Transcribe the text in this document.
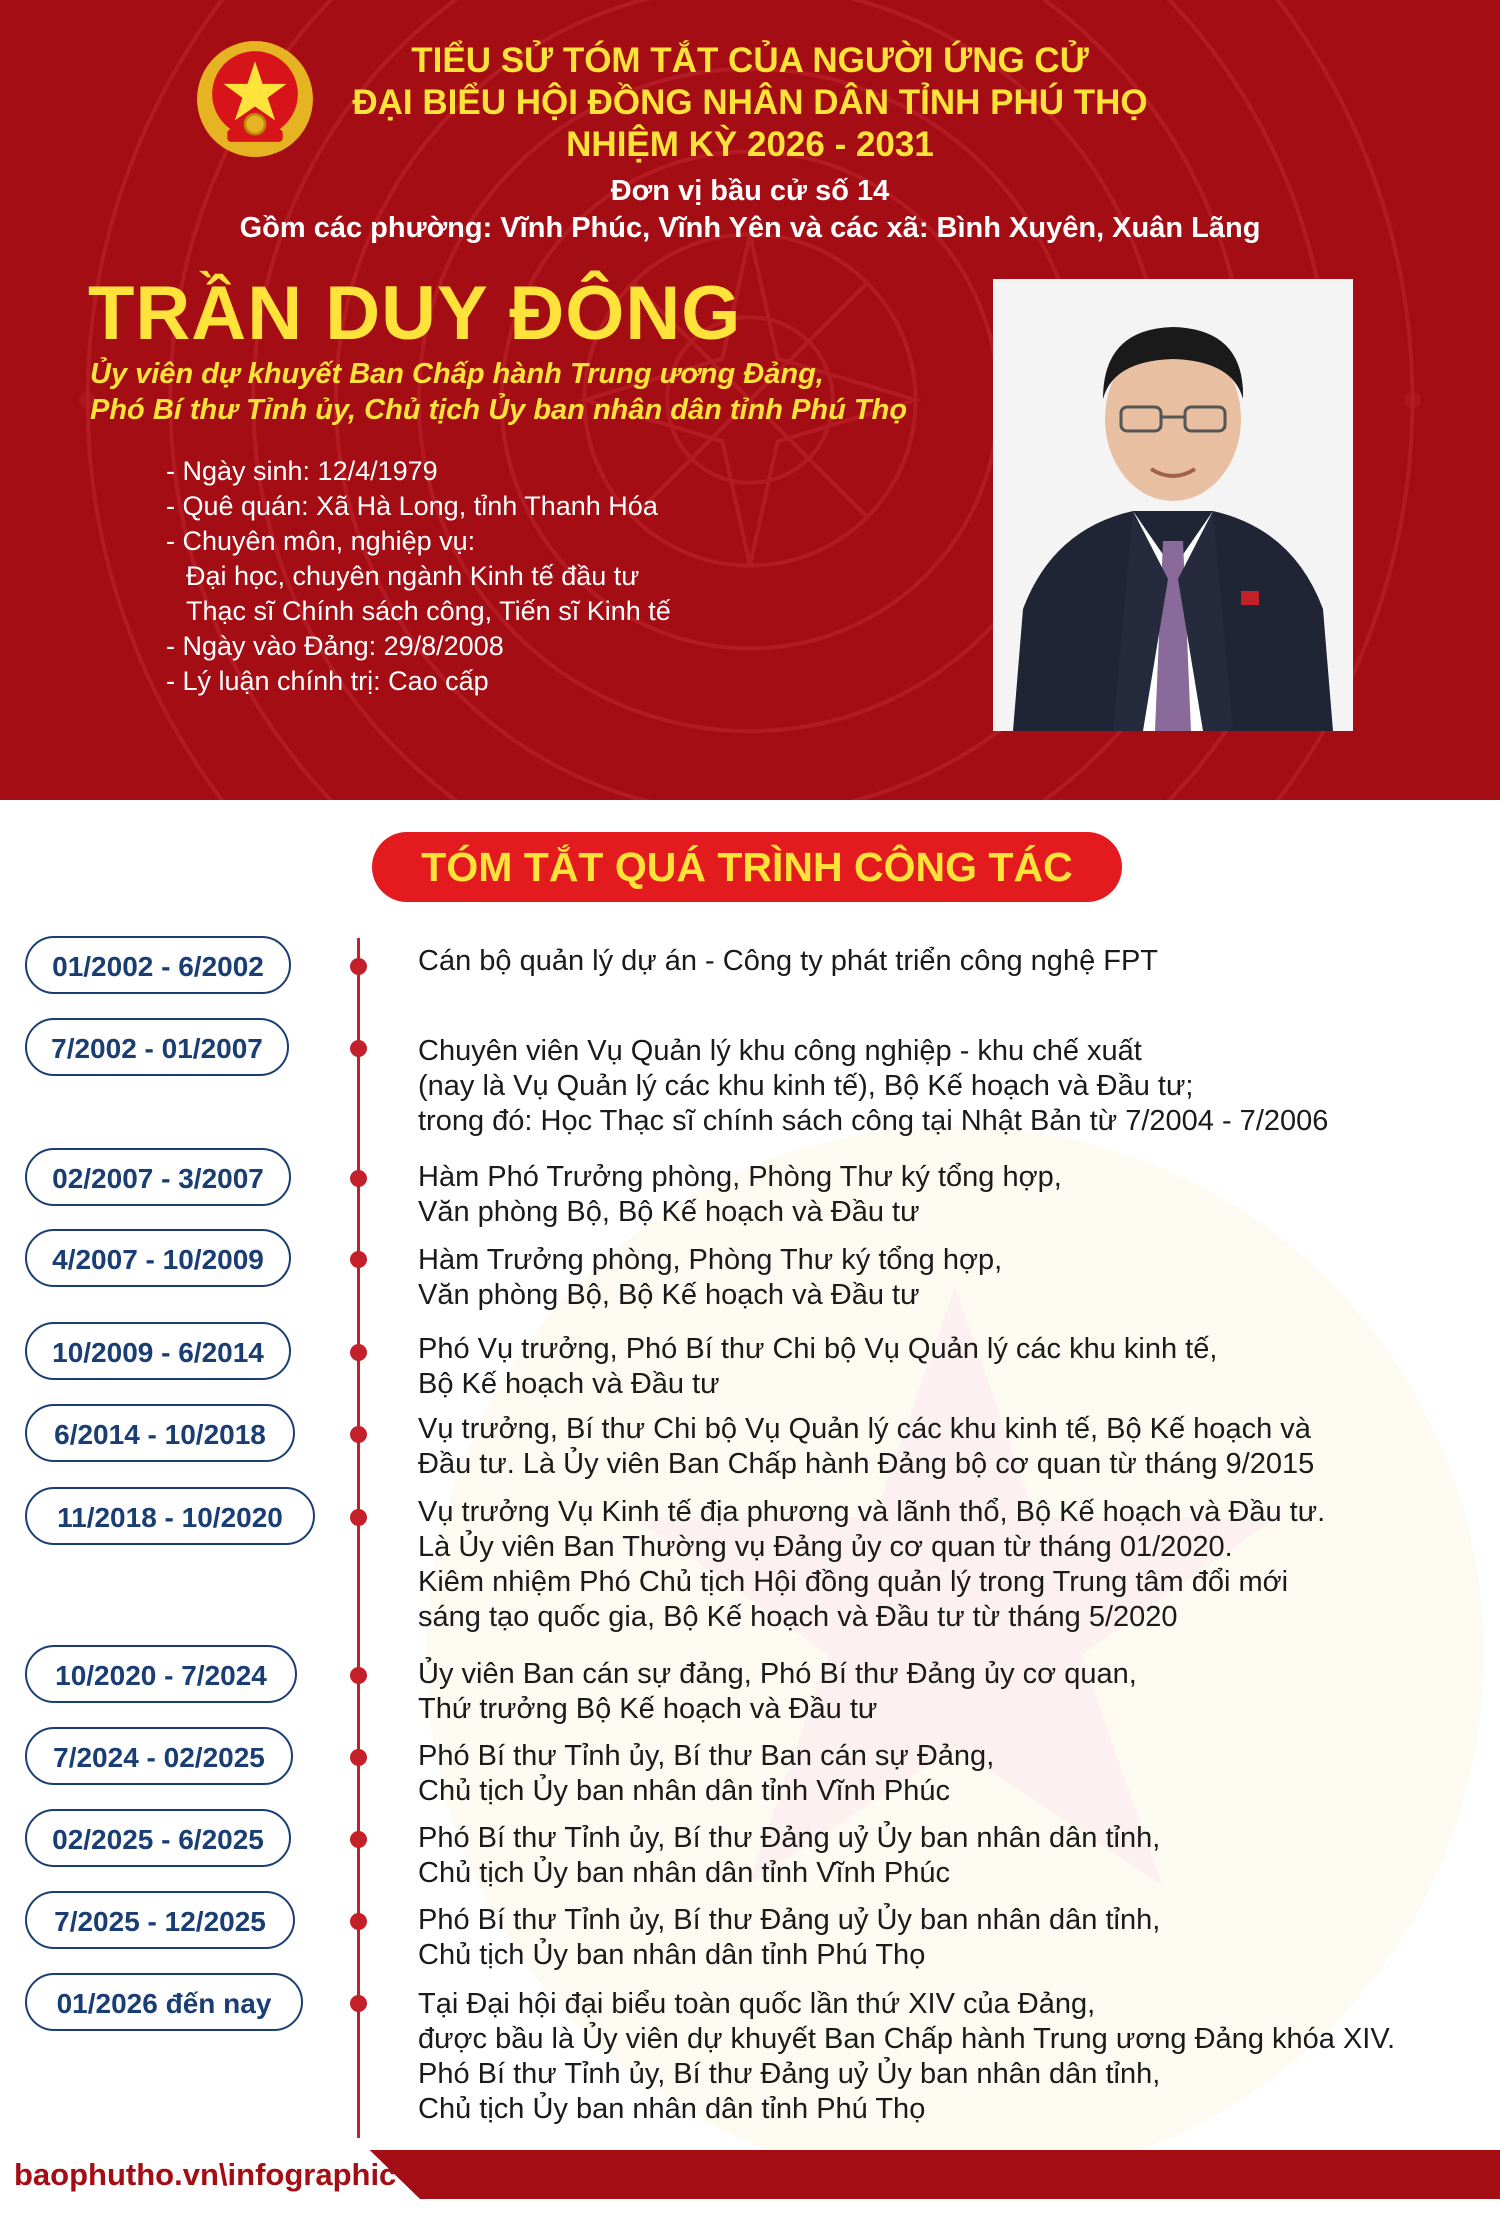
TIỂU SỬ TÓM TẮT CỦA NGƯỜI ỨNG CỬ
ĐẠI BIỂU HỘI ĐỒNG NHÂN DÂN TỈNH PHÚ THỌ
NHIỆM KỲ 2026 - 2031
Đơn vị bầu cử số 14
Gồm các phường: Vĩnh Phúc, Vĩnh Yên và các xã: Bình Xuyên, Xuân Lãng
TRẦN DUY ĐÔNG
Ủy viên dự khuyết Ban Chấp hành Trung ương Đảng,
Phó Bí thư Tỉnh ủy, Chủ tịch Ủy ban nhân dân tỉnh Phú Thọ
- Ngày sinh: 12/4/1979
- Quê quán: Xã Hà Long, tỉnh Thanh Hóa
- Chuyên môn, nghiệp vụ:
Đại học, chuyên ngành Kinh tế đầu tư
Thạc sĩ Chính sách công, Tiến sĩ Kinh tế
- Ngày vào Đảng: 29/8/2008
- Lý luận chính trị: Cao cấp
TÓM TẮT QUÁ TRÌNH CÔNG TÁC
01/2002 - 6/2002	Cán bộ quản lý dự án - Công ty phát triển công nghệ FPT
7/2002 - 01/2007	Chuyên viên Vụ Quản lý khu công nghiệp - khu chế xuất
(nay là Vụ Quản lý các khu kinh tế), Bộ Kế hoạch và Đầu tư;
trong đó: Học Thạc sĩ chính sách công tại Nhật Bản từ 7/2004 - 7/2006
02/2007 - 3/2007	Hàm Phó Trưởng phòng, Phòng Thư ký tổng hợp,
Văn phòng Bộ, Bộ Kế hoạch và Đầu tư
4/2007 - 10/2009	Hàm Trưởng phòng, Phòng Thư ký tổng hợp,
Văn phòng Bộ, Bộ Kế hoạch và Đầu tư
10/2009 - 6/2014	Phó Vụ trưởng, Phó Bí thư Chi bộ Vụ Quản lý các khu kinh tế,
Bộ Kế hoạch và Đầu tư
6/2014 - 10/2018	Vụ trưởng, Bí thư Chi bộ Vụ Quản lý các khu kinh tế, Bộ Kế hoạch và
Đầu tư. Là Ủy viên Ban Chấp hành Đảng bộ cơ quan từ tháng 9/2015
11/2018 - 10/2020	Vụ trưởng Vụ Kinh tế địa phương và lãnh thổ, Bộ Kế hoạch và Đầu tư.
Là Ủy viên Ban Thường vụ Đảng ủy cơ quan từ tháng 01/2020.
Kiêm nhiệm Phó Chủ tịch Hội đồng quản lý trong Trung tâm đổi mới
sáng tạo quốc gia, Bộ Kế hoạch và Đầu tư từ tháng 5/2020
10/2020 - 7/2024	Ủy viên Ban cán sự đảng, Phó Bí thư Đảng ủy cơ quan,
Thứ trưởng Bộ Kế hoạch và Đầu tư
7/2024 - 02/2025	Phó Bí thư Tỉnh ủy, Bí thư Ban cán sự Đảng,
Chủ tịch Ủy ban nhân dân tỉnh Vĩnh Phúc
02/2025 - 6/2025	Phó Bí thư Tỉnh ủy, Bí thư Đảng uỷ Ủy ban nhân dân tỉnh,
Chủ tịch Ủy ban nhân dân tỉnh Vĩnh Phúc
7/2025 - 12/2025	Phó Bí thư Tỉnh ủy, Bí thư Đảng uỷ Ủy ban nhân dân tỉnh,
Chủ tịch Ủy ban nhân dân tỉnh Phú Thọ
01/2026 đến nay	Tại Đại hội đại biểu toàn quốc lần thứ XIV của Đảng,
được bầu là Ủy viên dự khuyết Ban Chấp hành Trung ương Đảng khóa XIV.
Phó Bí thư Tỉnh ủy, Bí thư Đảng uỷ Ủy ban nhân dân tỉnh,
Chủ tịch Ủy ban nhân dân tỉnh Phú Thọ
baophutho.vn\infographic
